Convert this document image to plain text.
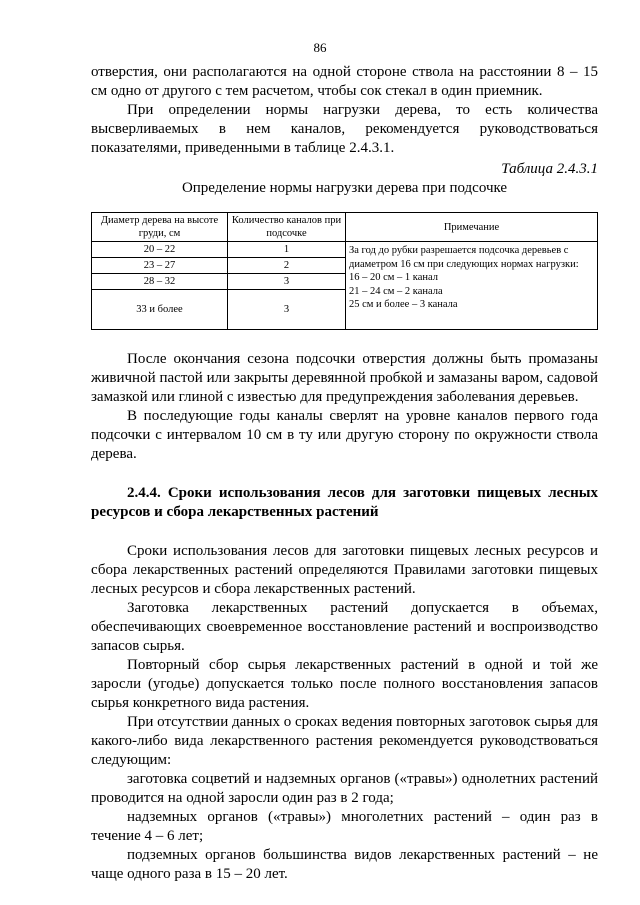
86

отверстия, они располагаются на одной стороне ствола на расстоянии 8 – 15 см одно от другого с тем расчетом, чтобы сок стекал в один приемник.

При определении нормы нагрузки дерева, то есть количества высверливаемых в нем каналов, рекомендуется руководствоваться показателями, приведенными в таблице 2.4.3.1.

Таблица 2.4.3.1

Определение нормы нагрузки дерева при подсочке

Диаметр дерева на высоте груди, см	Количество каналов при подсочке	Примечание
20 – 22	1	За год до рубки разрешается подсочка деревьев с диаметром 16 см при следующих нормах нагрузки:
16 – 20 см – 1 канал
21 – 24 см – 2 канала
25 см и более – 3 канала

23 – 27	2	
28 – 32	3	
33 и более	3	

После окончания сезона подсочки отверстия должны быть промазаны живичной пастой или закрыты деревянной пробкой и замазаны варом, садовой замазкой или глиной с известью для предупреждения заболевания деревьев.

В последующие годы каналы сверлят на уровне каналов первого года подсочки с интервалом 10 см в ту или другую сторону по окружности ствола дерева.

2.4.4. Сроки использования лесов для заготовки пищевых лесных ресурсов и сбора лекарственных растений

Сроки использования лесов для заготовки пищевых лесных ресурсов и сбора лекарственных растений определяются Правилами заготовки пищевых лесных ресурсов и сбора лекарственных растений.

Заготовка лекарственных растений допускается в объемах, обеспечивающих своевременное восстановление растений и воспроизводство запасов сырья.

Повторный сбор сырья лекарственных растений в одной и той же заросли (угодье) допускается только после полного восстановления запасов сырья конкретного вида растения.

При отсутствии данных о сроках ведения повторных заготовок сырья для какого-либо вида лекарственного растения рекомендуется руководствоваться следующим:

заготовка соцветий и надземных органов («травы») однолетних растений проводится на одной заросли один раз в 2 года;

надземных органов («травы») многолетних растений – один раз в течение 4 – 6 лет;

подземных органов большинства видов лекарственных растений – не чаще одного раза в 15 – 20 лет.
